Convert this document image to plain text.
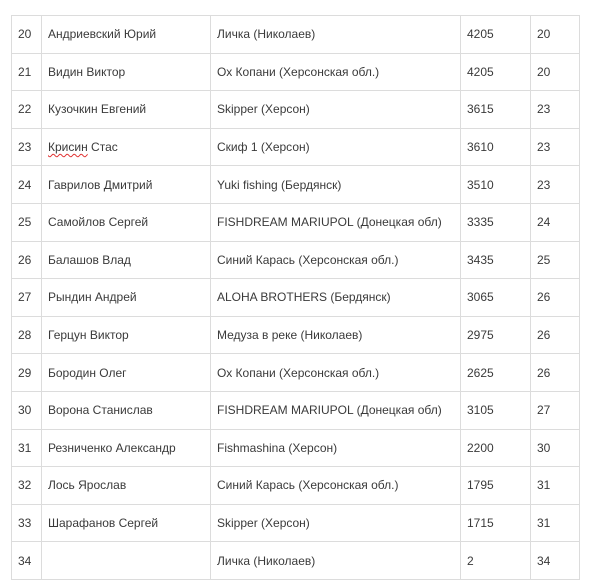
20	Андриевский Юрий	Личка (Николаев)	4205	20
21	Видин Виктор	Ох Копани (Херсонская обл.)	4205	20
22	Кузочкин Евгений	Skipper (Херсон)	3615	23
23	Крисин Стас	Скиф 1 (Херсон)	3610	23
24	Гаврилов Дмитрий	Yuki fishing (Бердянск)	3510	23
25	Самойлов Сергей	FISHDREAM MARIUPOL (Донецкая обл)	3335	24
26	Балашов Влад	Синий Карась (Херсонская обл.)	3435	25
27	Рындин Андрей	ALOHA BROTHERS (Бердянск)	3065	26
28	Герцун Виктор	Медуза в реке (Николаев)	2975	26
29	Бородин Олег	Ох Копани (Херсонская обл.)	2625	26
30	Ворона Станислав	FISHDREAM MARIUPOL (Донецкая обл)	3105	27
31	Резниченко Александр	Fishmashina (Херсон)	2200	30
32	Лось Ярослав	Синий Карась (Херсонская обл.)	1795	31
33	Шарафанов Сергей	Skipper (Херсон)	1715	31
34		Личка (Николаев)	2	34
